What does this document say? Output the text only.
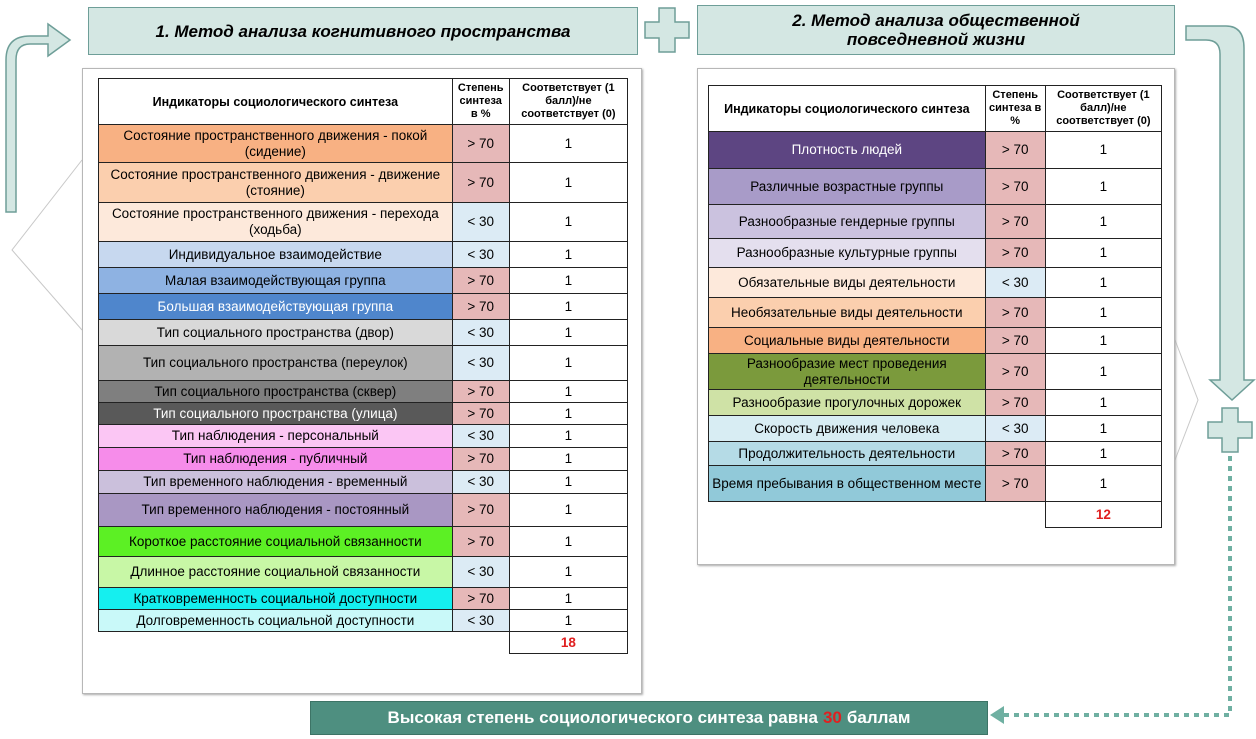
1. Метод анализа когнитивного пространства
2. Метод анализа общественной повседневной жизни
Индикаторы социологического синтеза	Степень синтеза в %	Соответствует (1 балл)/не соответствует (0)
Состояние пространственного движения - покой (сидение)	> 70	1
Состояние пространственного движения - движение (стояние)	> 70	1
Состояние пространственного движения - перехода (ходьба)	< 30	1
Индивидуальное взаимодействие	< 30	1
Малая взаимодействующая группа	> 70	1
Большая взаимодействующая группа	> 70	1
Тип социального пространства (двор)	< 30	1
Тип социального пространства (переулок)	< 30	1
Тип социального пространства (сквер)	> 70	1
Тип социального пространства (улица)	> 70	1
Тип наблюдения - персональный	< 30	1
Тип наблюдения - публичный	> 70	1
Тип временного наблюдения - временный	< 30	1
Тип временного наблюдения - постоянный	> 70	1
Короткое расстояние социальной связанности	> 70	1
Длинное расстояние социальной связанности	< 30	1
Кратковременность социальной доступности	> 70	1
Долговременность социальной доступности	< 30	1
		18
Индикаторы социологического синтеза	Степень синтеза в %	Соответствует (1 балл)/не соответствует (0)
Плотность людей	> 70	1
Различные возрастные группы	> 70	1
Разнообразные гендерные группы	> 70	1
Разнообразные культурные группы	> 70	1
Обязательные виды деятельности	< 30	1
Необязательные виды деятельности	> 70	1
Социальные виды деятельности	> 70	1
Разнообразие мест проведения деятельности	> 70	1
Разнообразие прогулочных дорожек	> 70	1
Скорость движения человека	< 30	1
Продолжительность деятельности	> 70	1
Время пребывания в общественном месте	> 70	1
		12
Высокая степень социологического синтеза равна 30 баллам
